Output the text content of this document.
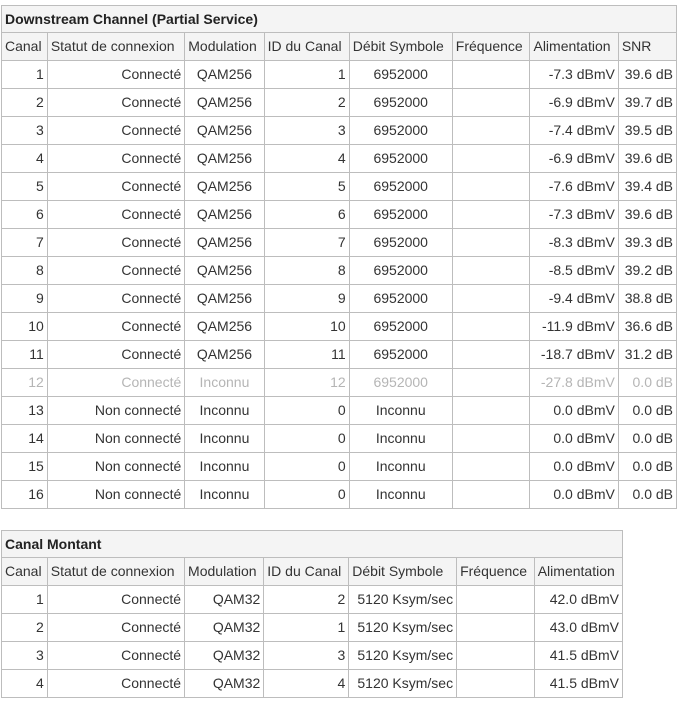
Downstream Channel (Partial Service)							
Canal	Statut de connexion	Modulation	ID du Canal	Débit Symbole	Fréquence	Alimentation	SNR
1	Connecté	QAM256	1	6952000		-7.3 dBmV	39.6 dB
2	Connecté	QAM256	2	6952000		-6.9 dBmV	39.7 dB
3	Connecté	QAM256	3	6952000		-7.4 dBmV	39.5 dB
4	Connecté	QAM256	4	6952000		-6.9 dBmV	39.6 dB
5	Connecté	QAM256	5	6952000		-7.6 dBmV	39.4 dB
6	Connecté	QAM256	6	6952000		-7.3 dBmV	39.6 dB
7	Connecté	QAM256	7	6952000		-8.3 dBmV	39.3 dB
8	Connecté	QAM256	8	6952000		-8.5 dBmV	39.2 dB
9	Connecté	QAM256	9	6952000		-9.4 dBmV	38.8 dB
10	Connecté	QAM256	10	6952000		-11.9 dBmV	36.6 dB
11	Connecté	QAM256	11	6952000		-18.7 dBmV	31.2 dB
12	Connecté	Inconnu	12	6952000		-27.8 dBmV	0.0 dB
13	Non connecté	Inconnu	0	Inconnu		0.0 dBmV	0.0 dB
14	Non connecté	Inconnu	0	Inconnu		0.0 dBmV	0.0 dB
15	Non connecté	Inconnu	0	Inconnu		0.0 dBmV	0.0 dB
16	Non connecté	Inconnu	0	Inconnu		0.0 dBmV	0.0 dB
Canal Montant						
Canal	Statut de connexion	Modulation	ID du Canal	Débit Symbole	Fréquence	Alimentation
1	Connecté	QAM32	2	5120 Ksym/sec		42.0 dBmV
2	Connecté	QAM32	1	5120 Ksym/sec		43.0 dBmV
3	Connecté	QAM32	3	5120 Ksym/sec		41.5 dBmV
4	Connecté	QAM32	4	5120 Ksym/sec		41.5 dBmV
